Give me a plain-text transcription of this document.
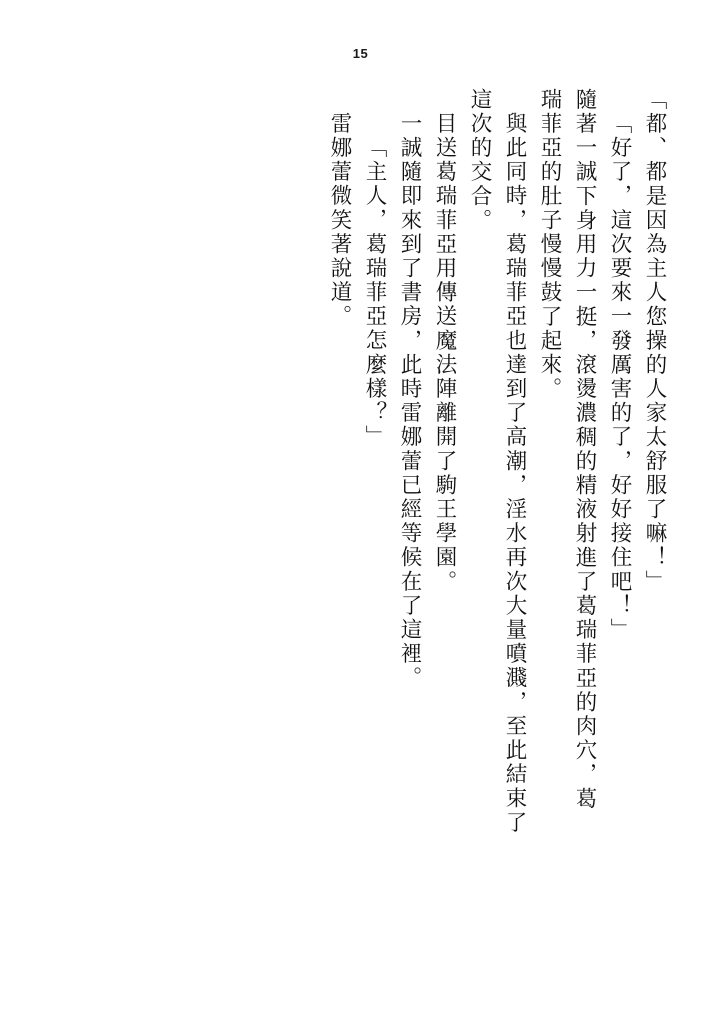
15
雷娜蕾微笑著說道。 「主人，葛瑞菲亞怎麼樣？」 一誠隨即來到了書房，此時雷娜蕾已經等候在了這裡。 目送葛瑞菲亞用傳送魔法陣離開了駒王學園。 這次的交合。 與此同時，葛瑞菲亞也達到了高潮，淫水再次大量噴濺，至此結束了 瑞菲亞的肚子慢慢鼓了起來。 隨著一誠下身用力一挺，滾燙濃稠的精液射進了葛瑞菲亞的肉穴，葛 「好了，這次要來一發厲害的了，好好接住吧！」 「都、都是因為主人您操的人家太舒服了嘛！」
